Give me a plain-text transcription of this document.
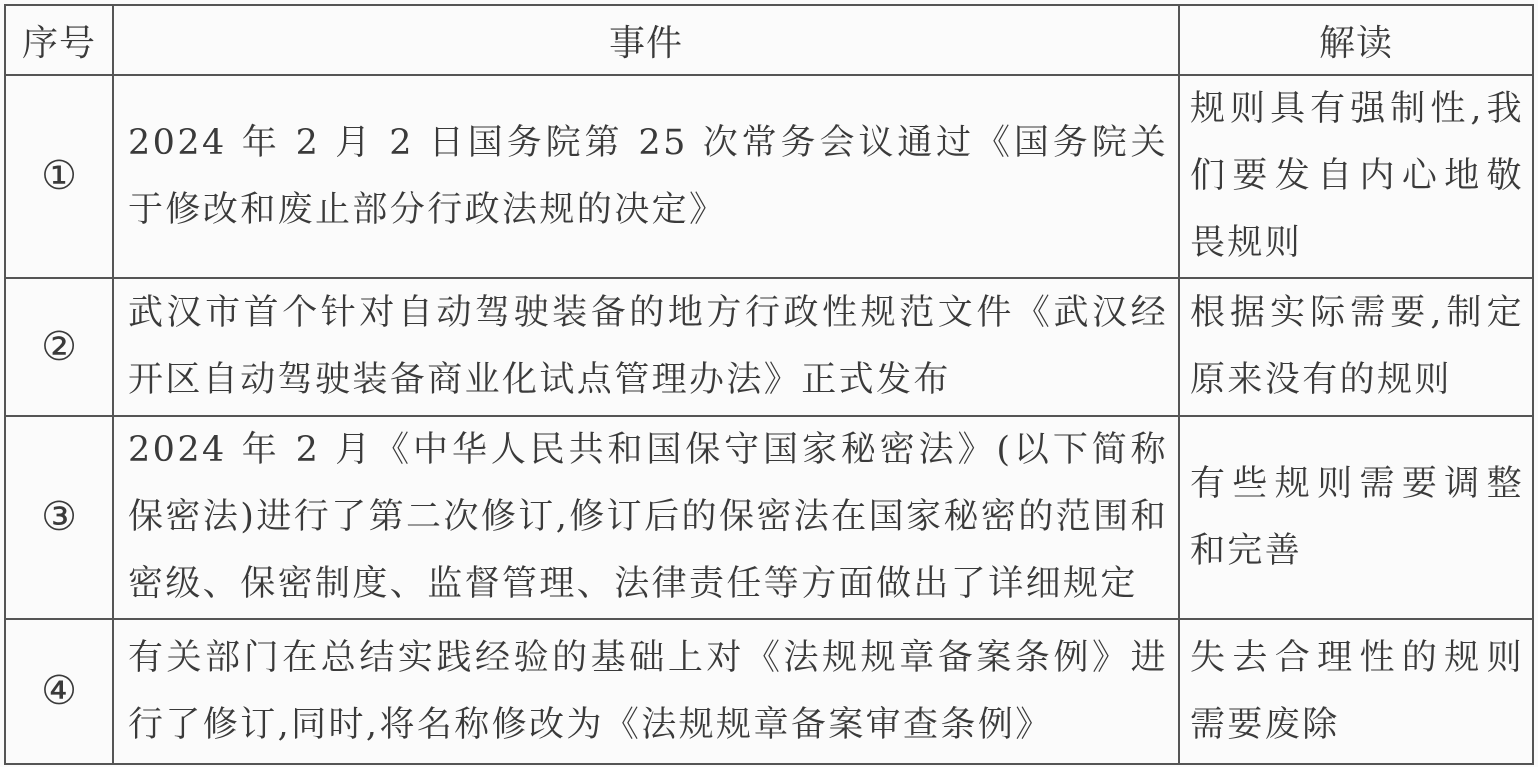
序号	事件	解读
①	2024 年 2 月 2 日国务院第 25 次常务会议通过《国务院关于修改和废止部分行政法规的决定》	规则具有强制性,我们要发自内心地敬畏规则
②	武汉市首个针对自动驾驶装备的地方行政性规范文件《武汉经开区自动驾驶装备商业化试点管理办法》正式发布	根据实际需要,制定原来没有的规则
③	2024 年 2 月《中华人民共和国保守国家秘密法》(以下简称保密法)进行了第二次修订,修订后的保密法在国家秘密的范围和密级、保密制度、监督管理、法律责任等方面做出了详细规定	有些规则需要调整和完善
④	有关部门在总结实践经验的基础上对《法规规章备案条例》进行了修订,同时,将名称修改为《法规规章备案审查条例》	失去合理性的规则需要废除
